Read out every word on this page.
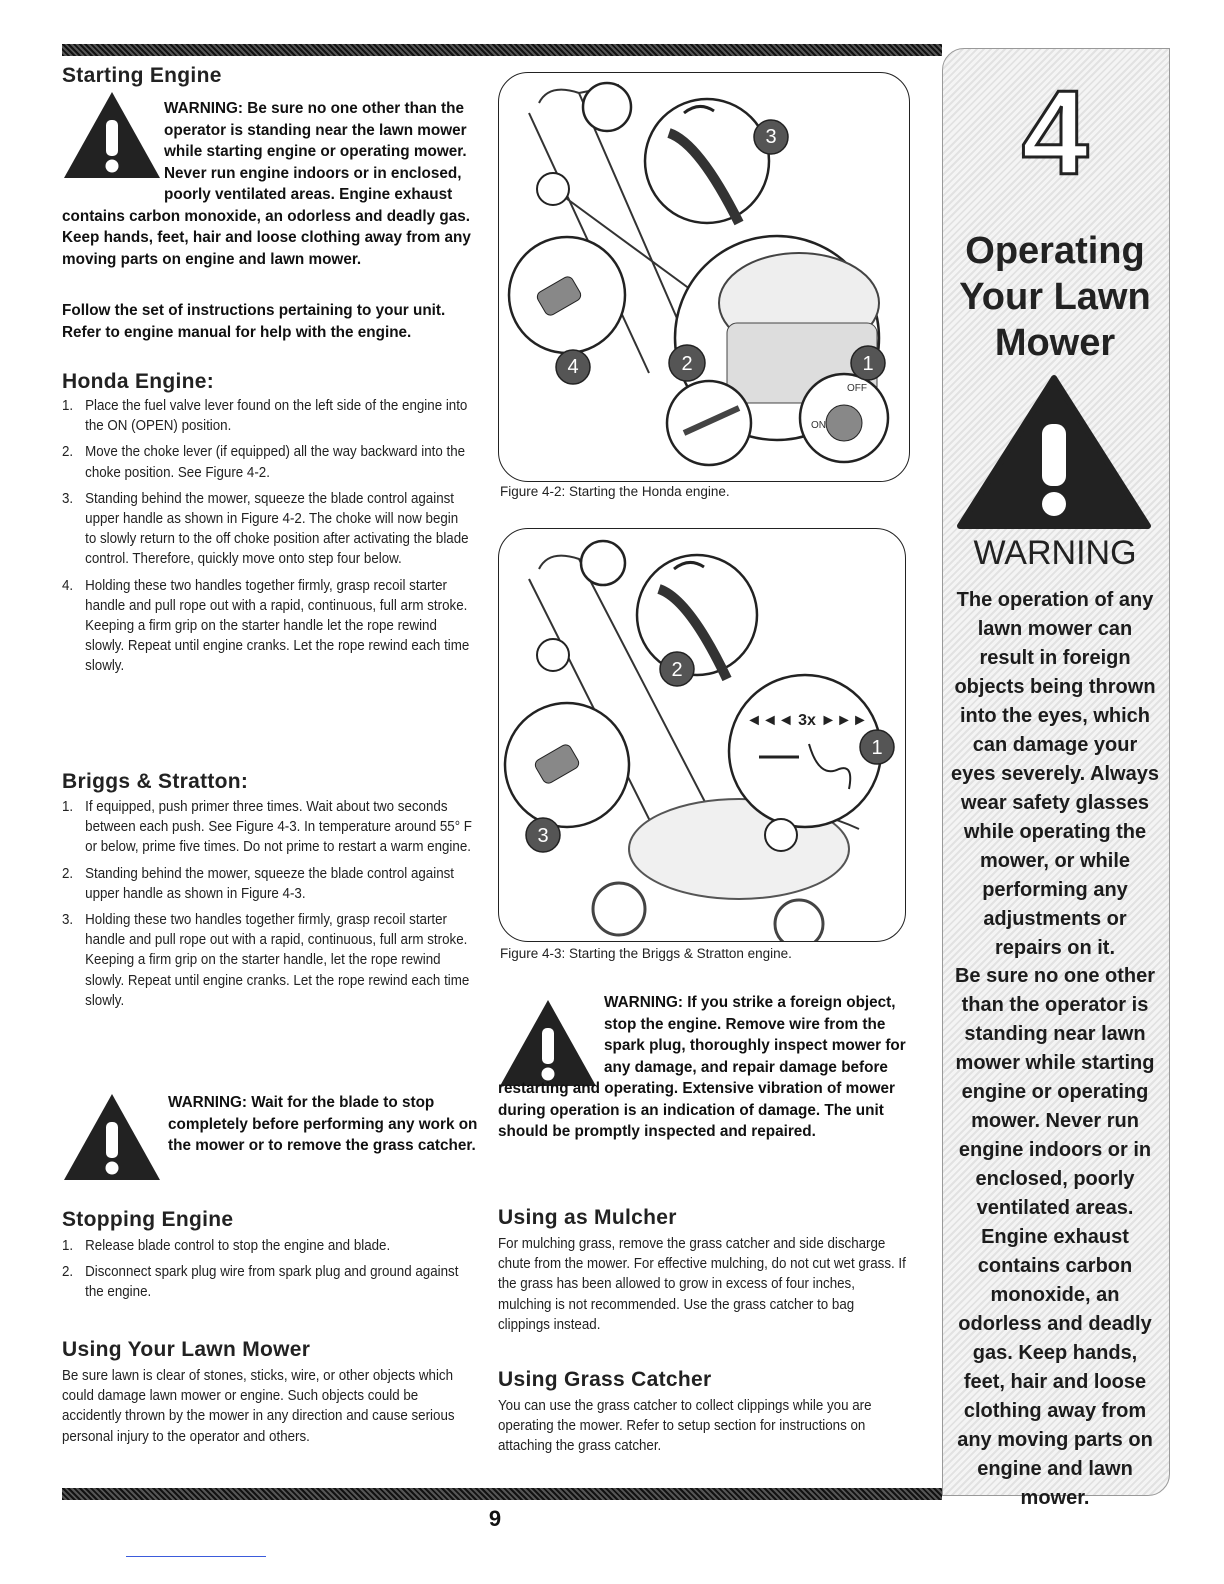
9
Starting Engine
WARNING: Be sure no one other than the operator is standing near the lawn mower while starting engine or operating mower. Never run engine indoors or in enclosed, poorly ventilated areas. Engine exhaust contains carbon monoxide, an odorless and deadly gas. Keep hands, feet, hair and loose clothing away from any moving parts on engine and lawn mower.
Follow the set of instructions pertaining to your unit. Refer to engine manual for help with the engine.
Honda Engine:
1. Place the fuel valve lever found on the left side of the engine into the ON (OPEN) position.
2. Move the choke lever (if equipped) all the way backward into the choke position. See Figure 4-2.
3. Standing behind the mower, squeeze the blade control against upper handle as shown in Figure 4-2. The choke will now begin to slowly return to the off choke position after activating the blade control. Therefore, quickly move onto step four below.
4. Holding these two handles together firmly, grasp recoil starter handle and pull rope out with a rapid, continuous, full arm stroke. Keeping a firm grip on the starter handle let the rope rewind slowly. Repeat until engine cranks. Let the rope rewind each time slowly.
Briggs & Stratton:
1. If equipped, push primer three times. Wait about two seconds between each push. See Figure 4-3. In temperature around 55° F or below, prime five times. Do not prime to restart a warm engine.
2. Standing behind the mower, squeeze the blade control against upper handle as shown in Figure 4-3.
3. Holding these two handles together firmly, grasp recoil starter handle and pull rope out with a rapid, continuous, full arm stroke. Keeping a firm grip on the starter handle, let the rope rewind slowly. Repeat until engine cranks. Let the rope rewind each time slowly.
WARNING: Wait for the blade to stop completely before performing any work on the mower or to remove the grass catcher.
Stopping Engine
1. Release blade control to stop the engine and blade.
2. Disconnect spark plug wire from spark plug and ground against the engine.
Using Your Lawn Mower
Be sure lawn is clear of stones, sticks, wire, or other objects which could damage lawn mower or engine. Such objects could be accidently thrown by the mower in any direction and cause serious personal injury to the operator and others.
3
4	2	1
OFF
ON
Figure 4-2: Starting the Honda engine.
◄◄◄ 3x ►►►
1
2
3
Figure 4-3: Starting the Briggs & Stratton engine.
WARNING: If you strike a foreign object, stop the engine. Remove wire from the spark plug, thoroughly inspect mower for any damage, and repair damage before restarting and operating. Extensive vibration of mower during operation is an indication of damage. The unit should be promptly inspected and repaired.
Using as Mulcher
For mulching grass, remove the grass catcher and side discharge chute from the mower. For effective mulching, do not cut wet grass. If the grass has been allowed to grow in excess of four inches, mulching is not recommended. Use the grass catcher to bag clippings instead.
Using Grass Catcher
You can use the grass catcher to collect clippings while you are operating the mower. Refer to setup section for instructions on attaching the grass catcher.
4
Operating
Your Lawn
Mower
WARNING
The operation of any lawn mower can result in foreign objects being thrown into the eyes, which can damage your eyes severely. Always wear safety glasses while operating the mower, or while performing any adjustments or repairs on it.
Be sure no one other than the operator is standing near lawn mower while starting engine or operating mower. Never run engine indoors or in enclosed, poorly ventilated areas. Engine exhaust contains carbon monoxide, an odorless and deadly gas. Keep hands, feet, hair and loose clothing away from any moving parts on engine and lawn mower.
